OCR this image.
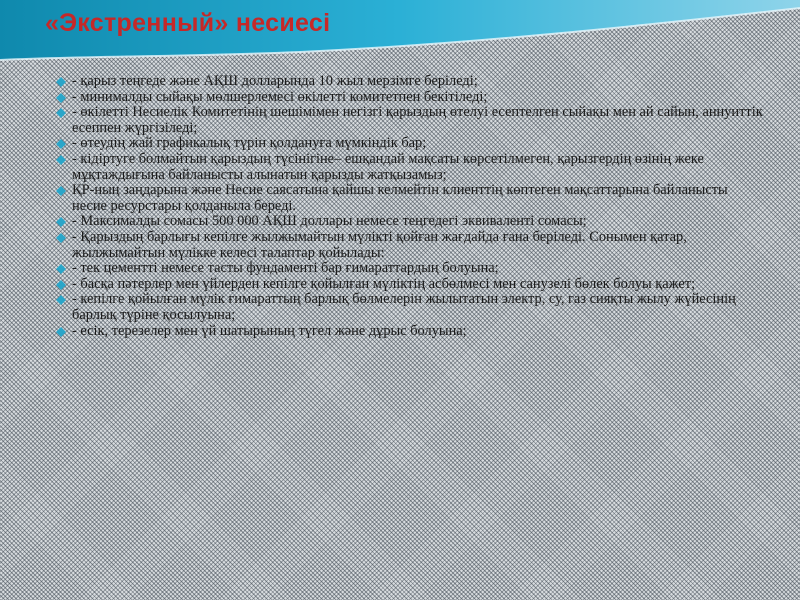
«Экстренный» несиесі
- қарыз теңгеде және АҚШ долларында 10 жыл мерзімге беріледі;
- минималды сыйақы мөлшерлемесі өкілетті комитетпен бекітіледі;
- өкілетті Несиелік Комитетінің шешімімен негізгі қарыздың өтелуі есептелген сыйақы мен ай сайын, аннуиттік есеппен жүргізіледі;
- өтеудің жай графикалық түрін қолдануға мүмкіндік бар;
- кідіртуге болмайтын қарыздың түсінігіне– ешқандай мақсаты көрсетілмеген, қарызгердің өзінің жеке мұқтаждығына байланысты алынатын қарызды жатқызамыз;
ҚР-ның заңдарына және Несие саясатына қайшы келмейтін клиенттің көптеген мақсаттарына байланысты несие ресурстары қолданыла береді.
- Максималды сомасы 500 000 АҚШ доллары немесе теңгедегі эквиваленті сомасы;
- Қарыздың барлығы кепілге жылжымайтын мүлікті қойған жағдайда ғана беріледі. Сонымен қатар, жылжымайтын мүлікке келесі талаптар қойылады:
- тек цементті немесе тасты фундаменті бар ғимараттардың болуына;
- басқа пәтерлер мен үйлерден кепілге қойылған мүліктің асбөлмесі мен санузелі бөлек болуы қажет;
- кепілге қойылған мүлік ғимараттың барлық бөлмелерін жылытатын электр, су, газ сияқты жылу жүйесінің барлық түріне қосылуына;
- есік, терезелер мен үй шатырының түгел және дұрыс болуына;
